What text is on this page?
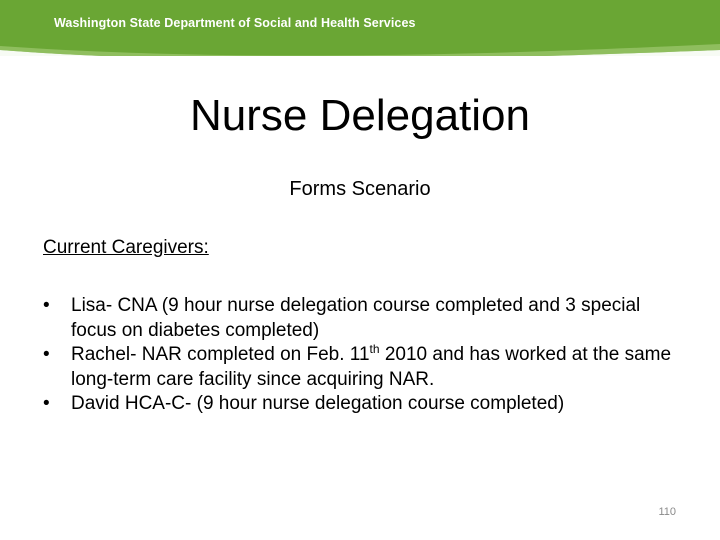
Washington State Department of Social and Health Services
Nurse Delegation
Forms Scenario
Current Caregivers:
•	Lisa- CNA (9 hour nurse delegation course completed and 3 special focus on diabetes completed)
•	Rachel- NAR completed on Feb. 11th 2010 and has worked at the same long-term care facility since acquiring NAR.
•	David HCA-C- (9 hour nurse delegation course completed)
110
